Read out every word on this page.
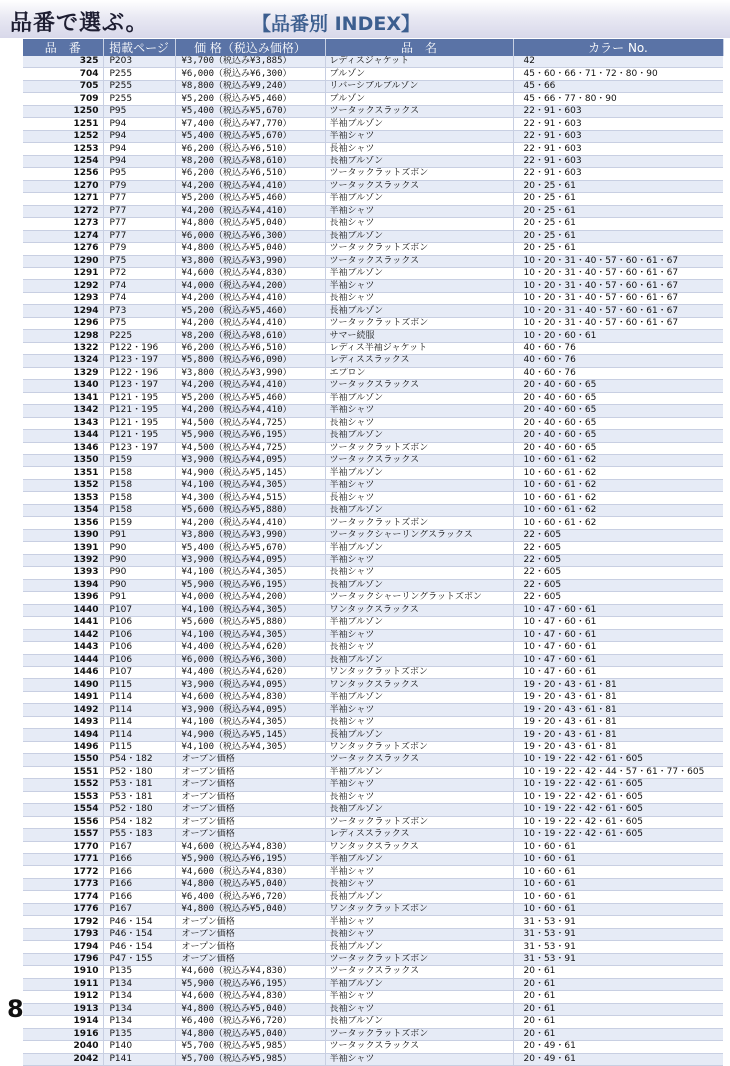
品番で選ぶ。	【品番別 INDEX】
品　番	掲載ページ	価 格（税込み価格）	品　名	カラー No.
325	P203	¥3,700（税込み¥3,885）	レディスジャケット	42
704	P255	¥6,000（税込み¥6,300）	ブルゾン	45・60・66・71・72・80・90
705	P255	¥8,800（税込み¥9,240）	リバーシブルブルゾン	45・66
709	P255	¥5,200（税込み¥5,460）	ブルゾン	45・66・77・80・90
1250	P95	¥5,400（税込み¥5,670）	ツータックスラックス	22・91・603
1251	P94	¥7,400（税込み¥7,770）	半袖ブルゾン	22・91・603
1252	P94	¥5,400（税込み¥5,670）	半袖シャツ	22・91・603
1253	P94	¥6,200（税込み¥6,510）	長袖シャツ	22・91・603
1254	P94	¥8,200（税込み¥8,610）	長袖ブルゾン	22・91・603
1256	P95	¥6,200（税込み¥6,510）	ツータックラットズボン	22・91・603
1270	P79	¥4,200（税込み¥4,410）	ツータックスラックス	20・25・61
1271	P77	¥5,200（税込み¥5,460）	半袖ブルゾン	20・25・61
1272	P77	¥4,200（税込み¥4,410）	半袖シャツ	20・25・61
1273	P77	¥4,800（税込み¥5,040）	長袖シャツ	20・25・61
1274	P77	¥6,000（税込み¥6,300）	長袖ブルゾン	20・25・61
1276	P79	¥4,800（税込み¥5,040）	ツータックラットズボン	20・25・61
1290	P75	¥3,800（税込み¥3,990）	ツータックスラックス	10・20・31・40・57・60・61・67
1291	P72	¥4,600（税込み¥4,830）	半袖ブルゾン	10・20・31・40・57・60・61・67
1292	P74	¥4,000（税込み¥4,200）	半袖シャツ	10・20・31・40・57・60・61・67
1293	P74	¥4,200（税込み¥4,410）	長袖シャツ	10・20・31・40・57・60・61・67
1294	P73	¥5,200（税込み¥5,460）	長袖ブルゾン	10・20・31・40・57・60・61・67
1296	P75	¥4,200（税込み¥4,410）	ツータックラットズボン	10・20・31・40・57・60・61・67
1298	P225	¥8,200（税込み¥8,610）	サマー続服	10・20・60・61
1322	P122・196	¥6,200（税込み¥6,510）	レディス半袖ジャケット	40・60・76
1324	P123・197	¥5,800（税込み¥6,090）	レディススラックス	40・60・76
1329	P122・196	¥3,800（税込み¥3,990）	エプロン	40・60・76
1340	P123・197	¥4,200（税込み¥4,410）	ツータックスラックス	20・40・60・65
1341	P121・195	¥5,200（税込み¥5,460）	半袖ブルゾン	20・40・60・65
1342	P121・195	¥4,200（税込み¥4,410）	半袖シャツ	20・40・60・65
1343	P121・195	¥4,500（税込み¥4,725）	長袖シャツ	20・40・60・65
1344	P121・195	¥5,900（税込み¥6,195）	長袖ブルゾン	20・40・60・65
1346	P123・197	¥4,500（税込み¥4,725）	ツータックラットズボン	20・40・60・65
1350	P159	¥3,900（税込み¥4,095）	ツータックスラックス	10・60・61・62
1351	P158	¥4,900（税込み¥5,145）	半袖ブルゾン	10・60・61・62
1352	P158	¥4,100（税込み¥4,305）	半袖シャツ	10・60・61・62
1353	P158	¥4,300（税込み¥4,515）	長袖シャツ	10・60・61・62
1354	P158	¥5,600（税込み¥5,880）	長袖ブルゾン	10・60・61・62
1356	P159	¥4,200（税込み¥4,410）	ツータックラットズボン	10・60・61・62
1390	P91	¥3,800（税込み¥3,990）	ツータックシャーリングスラックス	22・605
1391	P90	¥5,400（税込み¥5,670）	半袖ブルゾン	22・605
1392	P90	¥3,900（税込み¥4,095）	半袖シャツ	22・605
1393	P90	¥4,100（税込み¥4,305）	長袖シャツ	22・605
1394	P90	¥5,900（税込み¥6,195）	長袖ブルゾン	22・605
1396	P91	¥4,000（税込み¥4,200）	ツータックシャーリングラットズボン	22・605
1440	P107	¥4,100（税込み¥4,305）	ワンタックスラックス	10・47・60・61
1441	P106	¥5,600（税込み¥5,880）	半袖ブルゾン	10・47・60・61
1442	P106	¥4,100（税込み¥4,305）	半袖シャツ	10・47・60・61
1443	P106	¥4,400（税込み¥4,620）	長袖シャツ	10・47・60・61
1444	P106	¥6,000（税込み¥6,300）	長袖ブルゾン	10・47・60・61
1446	P107	¥4,400（税込み¥4,620）	ワンタックラットズボン	10・47・60・61
1490	P115	¥3,900（税込み¥4,095）	ワンタックスラックス	19・20・43・61・81
1491	P114	¥4,600（税込み¥4,830）	半袖ブルゾン	19・20・43・61・81
1492	P114	¥3,900（税込み¥4,095）	半袖シャツ	19・20・43・61・81
1493	P114	¥4,100（税込み¥4,305）	長袖シャツ	19・20・43・61・81
1494	P114	¥4,900（税込み¥5,145）	長袖ブルゾン	19・20・43・61・81
1496	P115	¥4,100（税込み¥4,305）	ワンタックラットズボン	19・20・43・61・81
1550	P54・182	オープン価格	ツータックスラックス	10・19・22・42・61・605
1551	P52・180	オープン価格	半袖ブルゾン	10・19・22・42・44・57・61・77・605
1552	P53・181	オープン価格	半袖シャツ	10・19・22・42・61・605
1553	P53・181	オープン価格	長袖シャツ	10・19・22・42・61・605
1554	P52・180	オープン価格	長袖ブルゾン	10・19・22・42・61・605
1556	P54・182	オープン価格	ツータックラットズボン	10・19・22・42・61・605
1557	P55・183	オープン価格	レディススラックス	10・19・22・42・61・605
1770	P167	¥4,600（税込み¥4,830）	ワンタックスラックス	10・60・61
1771	P166	¥5,900（税込み¥6,195）	半袖ブルゾン	10・60・61
1772	P166	¥4,600（税込み¥4,830）	半袖シャツ	10・60・61
1773	P166	¥4,800（税込み¥5,040）	長袖シャツ	10・60・61
1774	P166	¥6,400（税込み¥6,720）	長袖ブルゾン	10・60・61
1776	P167	¥4,800（税込み¥5,040）	ワンタックラットズボン	10・60・61
1792	P46・154	オープン価格	半袖シャツ	31・53・91
1793	P46・154	オープン価格	長袖シャツ	31・53・91
1794	P46・154	オープン価格	長袖ブルゾン	31・53・91
1796	P47・155	オープン価格	ツータックラットズボン	31・53・91
1910	P135	¥4,600（税込み¥4,830）	ツータックスラックス	20・61
1911	P134	¥5,900（税込み¥6,195）	半袖ブルゾン	20・61
1912	P134	¥4,600（税込み¥4,830）	半袖シャツ	20・61
1913	P134	¥4,800（税込み¥5,040）	長袖シャツ	20・61
1914	P134	¥6,400（税込み¥6,720）	長袖ブルゾン	20・61
1916	P135	¥4,800（税込み¥5,040）	ツータックラットズボン	20・61
2040	P140	¥5,700（税込み¥5,985）	ツータックスラックス	20・49・61
2042	P141	¥5,700（税込み¥5,985）	半袖シャツ	20・49・61
8
